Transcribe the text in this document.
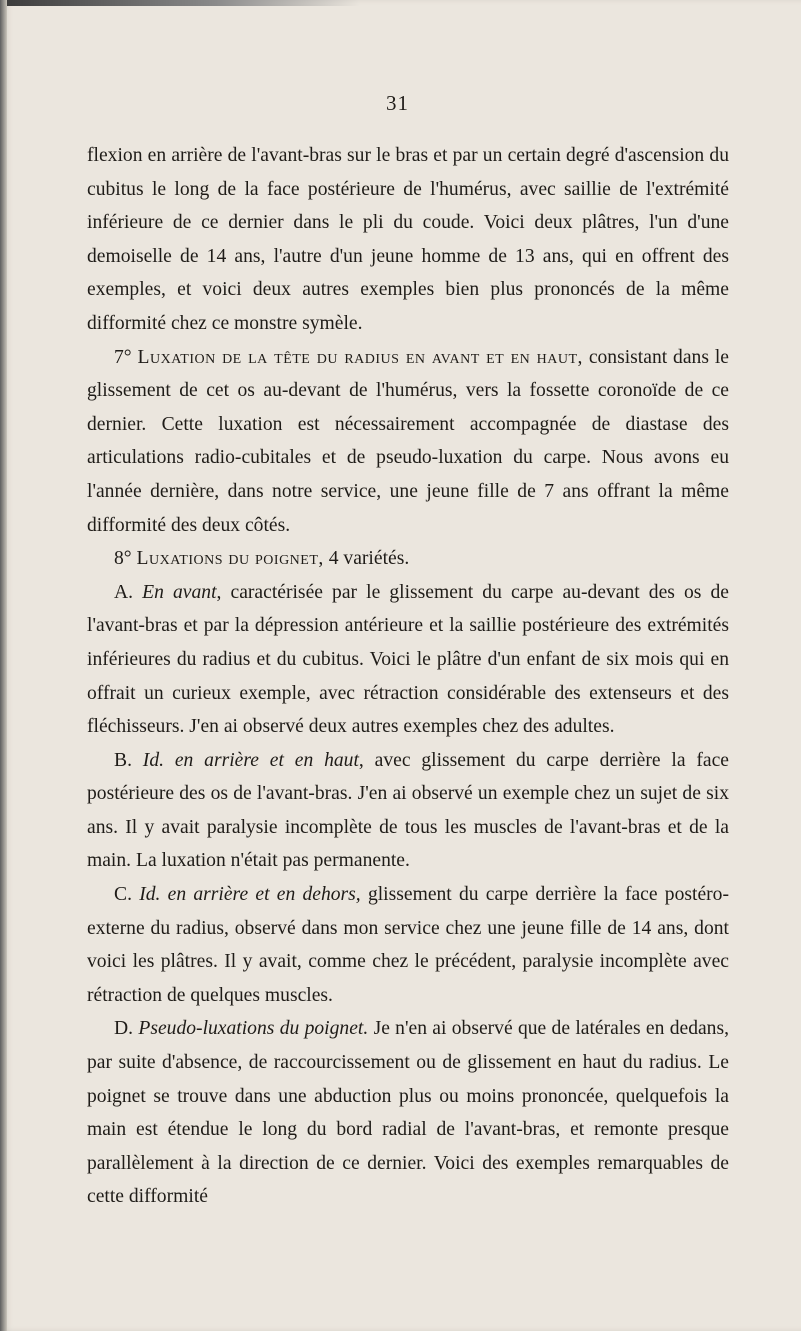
31

flexion en arrière de l'avant-bras sur le bras et par un certain degré d'ascension du cubitus le long de la face postérieure de l'humérus, avec saillie de l'extrémité inférieure de ce dernier dans le pli du coude. Voici deux plâtres, l'un d'une demoiselle de 14 ans, l'autre d'un jeune homme de 13 ans, qui en offrent des exemples, et voici deux autres exemples bien plus prononcés de la même difformité chez ce monstre symèle.

7° Luxation de la tête du radius en avant et en haut, consistant dans le glissement de cet os au-devant de l'humérus, vers la fossette coronoïde de ce dernier. Cette luxation est nécessairement accompagnée de diastase des articulations radio-cubitales et de pseudo-luxation du carpe. Nous avons eu l'année dernière, dans notre service, une jeune fille de 7 ans offrant la même difformité des deux côtés.

8° Luxations du poignet, 4 variétés.

A. En avant, caractérisée par le glissement du carpe au-devant des os de l'avant-bras et par la dépression antérieure et la saillie postérieure des extrémités inférieures du radius et du cubitus. Voici le plâtre d'un enfant de six mois qui en offrait un curieux exemple, avec rétraction considérable des extenseurs et des fléchisseurs. J'en ai observé deux autres exemples chez des adultes.

B. Id. en arrière et en haut, avec glissement du carpe derrière la face postérieure des os de l'avant-bras. J'en ai observé un exemple chez un sujet de six ans. Il y avait paralysie incomplète de tous les muscles de l'avant-bras et de la main. La luxation n'était pas permanente.

C. Id. en arrière et en dehors, glissement du carpe derrière la face postéro-externe du radius, observé dans mon service chez une jeune fille de 14 ans, dont voici les plâtres. Il y avait, comme chez le précédent, paralysie incomplète avec rétraction de quelques muscles.

D. Pseudo-luxations du poignet. Je n'en ai observé que de latérales en dedans, par suite d'absence, de raccourcissement ou de glissement en haut du radius. Le poignet se trouve dans une abduction plus ou moins prononcée, quelquefois la main est étendue le long du bord radial de l'avant-bras, et remonte presque parallèlement à la direction de ce dernier. Voici des exemples remarquables de cette difformité
